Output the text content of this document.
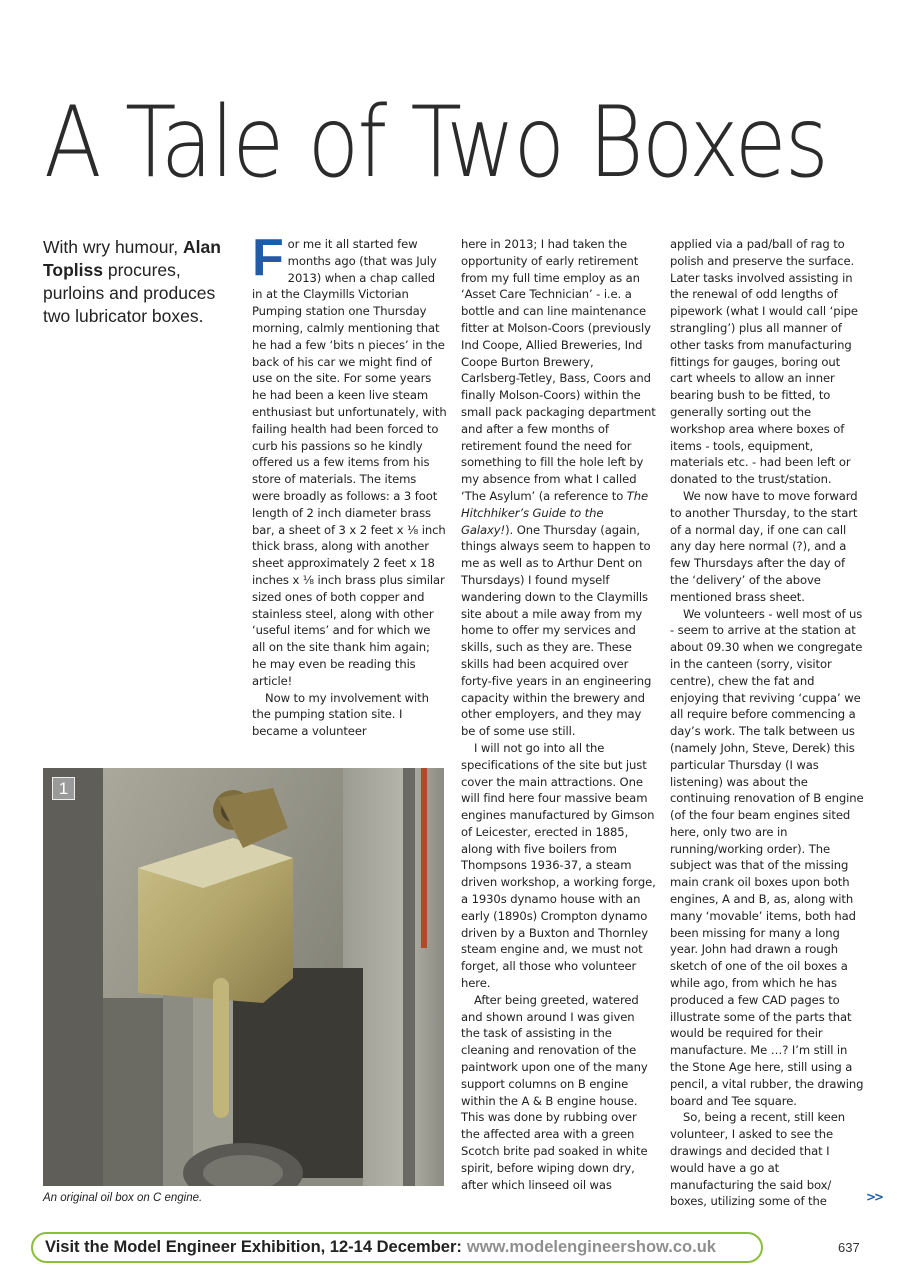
A Tale of Two Boxes
With wry humour, Alan Topliss procures, purloins and produces two lubricator boxes.

For me it all started few months ago (that was July 2013) when a chap called in at the Claymills Victorian Pumping station one Thursday morning, calmly mentioning that he had a few ‘bits n pieces’ in the back of his car we might find of use on the site. For some years he had been a keen live steam enthusiast but unfortunately, with failing health had been forced to curb his passions so he kindly offered us a few items from his store of materials. The items were broadly as follows: a 3 foot length of 2 inch diameter brass bar, a sheet of 3 x 2 feet x ⅛ inch thick brass, along with another sheet approximately 2 feet x 18 inches x ⅛ inch brass plus similar sized ones of both copper and stainless steel, along with other ‘useful items’ and for which we all on the site thank him again; he may even be reading this article!

Now to my involvement with the pumping station site. I became a volunteer

here in 2013; I had taken the opportunity of early retirement from my full time employ as an ‘Asset Care Technician’ - i.e. a bottle and can line maintenance fitter at Molson-Coors (previously Ind Coope, Allied Breweries, Ind Coope Burton Brewery, Carlsberg-Tetley, Bass, Coors and finally Molson-Coors) within the small pack packaging department and after a few months of retirement found the need for something to fill the hole left by my absence from what I called ‘The Asylum’ (a reference to The Hitchhiker’s Guide to the Galaxy!). One Thursday (again, things always seem to happen to me as well as to Arthur Dent on Thursdays) I found myself wandering down to the Claymills site about a mile away from my home to offer my services and skills, such as they are. These skills had been acquired over forty-five years in an engineering capacity within the brewery and other employers, and they may be of some use still.

I will not go into all the specifications of the site but just cover the main attractions. One will find here four massive beam engines manufactured by Gimson of Leicester, erected in 1885, along with five boilers from Thompsons 1936-37, a steam driven workshop, a working forge, a 1930s dynamo house with an early (1890s) Crompton dynamo driven by a Buxton and Thornley steam engine and, we must not forget, all those who volunteer here.

After being greeted, watered and shown around I was given the task of assisting in the cleaning and renovation of the paintwork upon one of the many support columns on B engine within the A & B engine house. This was done by rubbing over the affected area with a green Scotch brite pad soaked in white spirit, before wiping down dry, after which linseed oil was

applied via a pad/ball of rag to polish and preserve the surface. Later tasks involved assisting in the renewal of odd lengths of pipework (what I would call ‘pipe strangling’) plus all manner of other tasks from manufacturing fittings for gauges, boring out cart wheels to allow an inner bearing bush to be fitted, to generally sorting out the workshop area where boxes of items - tools, equipment, materials etc. - had been left or donated to the trust/station.

We now have to move forward to another Thursday, to the start of a normal day, if one can call any day here normal (?), and a few Thursdays after the day of the ‘delivery’ of the above mentioned brass sheet.

We volunteers - well most of us - seem to arrive at the station at about 09.30 when we congregate in the canteen (sorry, visitor centre), chew the fat and enjoying that reviving ‘cuppa’ we all require before commencing a day’s work. The talk between us (namely John, Steve, Derek) this particular Thursday (I was listening) was about the continuing renovation of B engine (of the four beam engines sited here, only two are in running/working order). The subject was that of the missing main crank oil boxes upon both engines, A and B, as, along with many ‘movable’ items, both had been missing for many a long year. John had drawn a rough sketch of one of the oil boxes a while ago, from which he has produced a few CAD pages to illustrate some of the parts that would be required for their manufacture. Me …? I’m still in the Stone Age here, still using a pencil, a vital rubber, the drawing board and Tee square.

So, being a recent, still keen volunteer, I asked to see the drawings and decided that I would have a go at manufacturing the said box/ boxes, utilizing some of the

1
An original oil box on C engine.	>>
Visit the Model Engineer Exhibition, 12-14 December: www.modelengineershow.co.uk	637
